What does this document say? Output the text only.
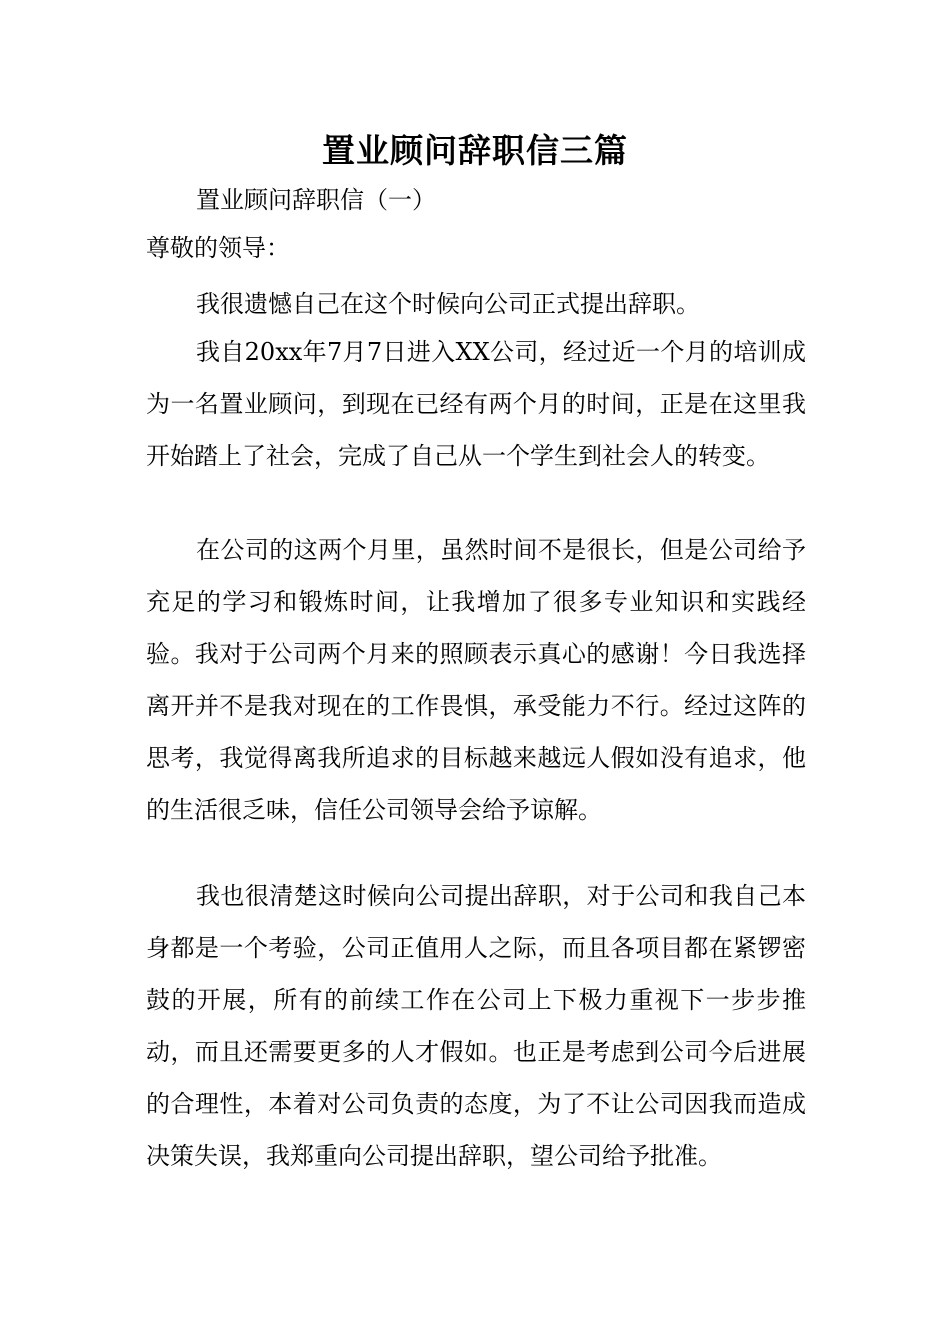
置业顾问辞职信三篇
置业顾问辞职信（一）
尊敬的领导：

我很遗憾自己在这个时候向公司正式提出辞职。

我自20xx年7月7日进入XX公司，经过近一个月的培训成为一名置业顾问，到现在已经有两个月的时间，正是在这里我开始踏上了社会，完成了自己从一个学生到社会人的转变。

在公司的这两个月里，虽然时间不是很长，但是公司给予充足的学习和锻炼时间，让我增加了很多专业知识和实践经验。我对于公司两个月来的照顾表示真心的感谢！今日我选择离开并不是我对现在的工作畏惧，承受能力不行。经过这阵的思考，我觉得离我所追求的目标越来越远人假如没有追求，他的生活很乏味，信任公司领导会给予谅解。

我也很清楚这时候向公司提出辞职，对于公司和我自己本身都是一个考验，公司正值用人之际，而且各项目都在紧锣密鼓的开展，所有的前续工作在公司上下极力重视下一步步推动，而且还需要更多的人才假如。也正是考虑到公司今后进展的合理性，本着对公司负责的态度，为了不让公司因我而造成决策失误，我郑重向公司提出辞职，望公司给予批准。
